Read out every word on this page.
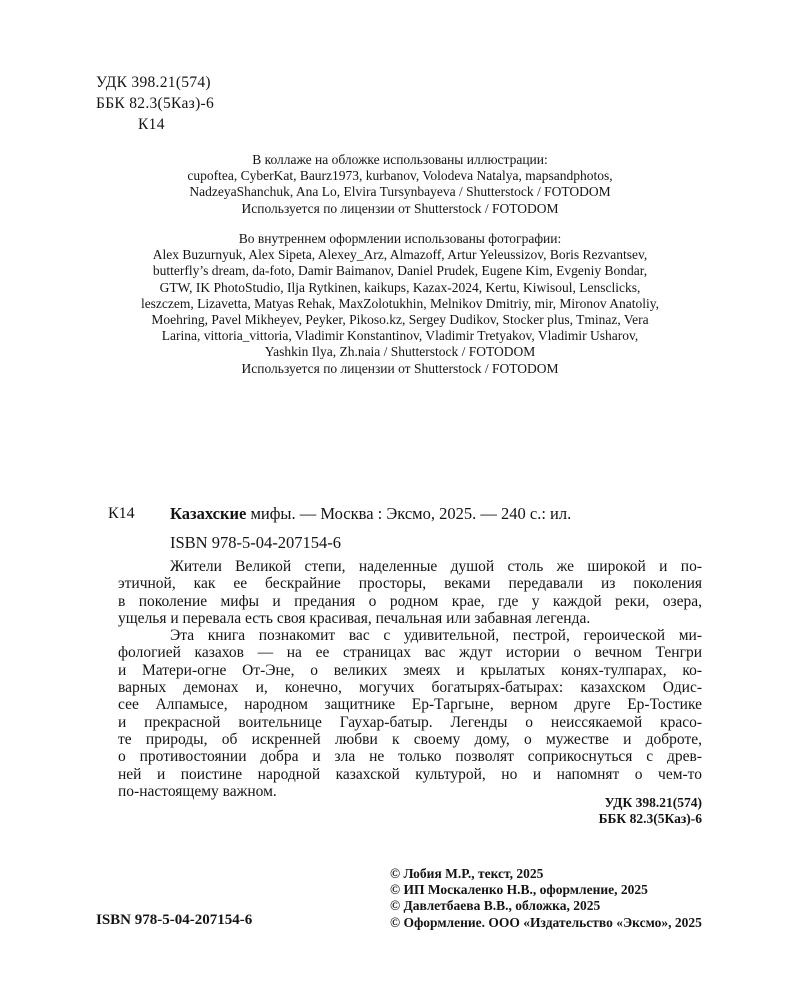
УДК 398.21(574)
ББК 82.3(5Каз)-6
К14
В коллаже на обложке использованы иллюстрации:
cupoftea, CyberKat, Baurz1973, kurbanov, Volodeva Natalya, mapsandphotos,
NadzeyaShanchuk, Ana Lo, Elvira Tursynbayeva / Shutterstock / FOTODOM
Используется по лицензии от Shutterstock / FOTODOM
Во внутреннем оформлении использованы фотографии:
Alex Buzurnyuk, Alex Sipeta, Alexey_Arz, Almazoff, Artur Yeleussizov, Boris Rezvantsev,
butterfly’s dream, da-foto, Damir Baimanov, Daniel Prudek, Eugene Kim, Evgeniy Bondar,
GTW, IK PhotoStudio, Ilja Rytkinen, kaikups, Kazax-2024, Kertu, Kiwisoul, Lensclicks,
leszczem, Lizavetta, Matyas Rehak, MaxZolotukhin, Melnikov Dmitriy, mir, Mironov Anatoliy,
Moehring, Pavel Mikheyev, Peyker, Pikoso.kz, Sergey Dudikov, Stocker plus, Tminaz, Vera
Larina, vittoria_vittoria, Vladimir Konstantinov, Vladimir Tretyakov, Vladimir Usharov,
Yashkin Ilya, Zh.naia / Shutterstock / FOTODOM
Используется по лицензии от Shutterstock / FOTODOM
К14 Казахские мифы. — Москва : Эксмо, 2025. — 240 с.: ил.
ISBN 978-5-04-207154-6
Жители Великой степи, наделенные душой столь же широкой и по-
этичной, как ее бескрайние просторы, веками передавали из поколения
в поколение мифы и предания о родном крае, где у каждой реки, озера,
ущелья и перевала есть своя красивая, печальная или забавная легенда.
Эта книга познакомит вас с удивительной, пестрой, героической ми-
фологией казахов — на ее страницах вас ждут истории о вечном Тенгри
и Матери-огне От-Эне, о великих змеях и крылатых конях-тулпарах, ко-
варных демонах и, конечно, могучих богатырях-батырах: казахском Одис-
сее Алпамысе, народном защитнике Ер-Таргыне, верном друге Ер-Тостике
и прекрасной воительнице Гаухар-батыр. Легенды о неиссякаемой красо-
те природы, об искренней любви к своему дому, о мужестве и доброте,
о противостоянии добра и зла не только позволят соприкоснуться с древ-
ней и поистине народной казахской культурой, но и напомнят о чем-то
по-настоящему важном.
УДК 398.21(574)
ББК 82.3(5Каз)-6
© Лобия М.Р., текст, 2025
© ИП Москаленко Н.В., оформление, 2025
© Давлетбаева В.В., обложка, 2025
© Оформление. ООО «Издательство «Эксмо», 2025
ISBN 978-5-04-207154-6
